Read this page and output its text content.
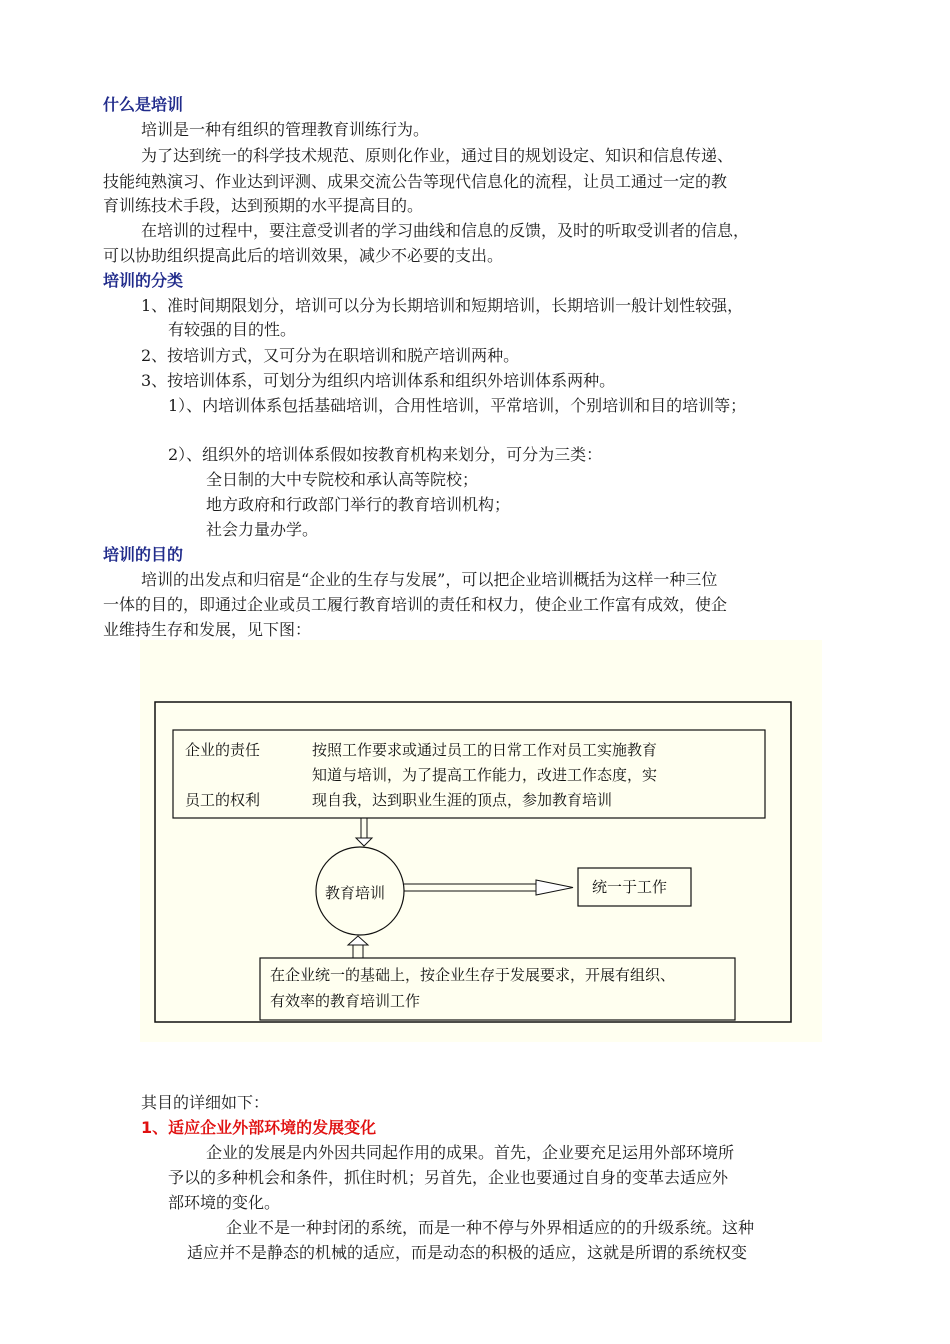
什么是培训
培训是一种有组织的管理教育训练行为。
为了达到统一的科学技术规范、原则化作业，通过目的规划设定、知识和信息传递、
技能纯熟演习、作业达到评测、成果交流公告等现代信息化的流程，让员工通过一定的教
育训练技术手段，达到预期的水平提高目的。
在培训的过程中，要注意受训者的学习曲线和信息的反馈，及时的听取受训者的信息，
可以协助组织提高此后的培训效果，减少不必要的支出。
培训的分类
1、准时间期限划分，培训可以分为长期培训和短期培训，长期培训一般计划性较强，
有较强的目的性。
2、按培训方式，又可分为在职培训和脱产培训两种。
3、按培训体系，可划分为组织内培训体系和组织外培训体系两种。
1）、内培训体系包括基础培训，合用性培训，平常培训，个别培训和目的培训等；
2）、组织外的培训体系假如按教育机构来划分，可分为三类：
全日制的大中专院校和承认高等院校；
地方政府和行政部门举行的教育培训机构；
社会力量办学。
培训的目的
培训的出发点和归宿是“企业的生存与发展”，可以把企业培训概括为这样一种三位
一体的目的，即通过企业或员工履行教育培训的责任和权力，使企业工作富有成效，使企
业维持生存和发展，见下图：
企业的责任
员工的权利
按照工作要求或通过员工的日常工作对员工实施教育
知道与培训，为了提高工作能力，改进工作态度，实
现自我，达到职业生涯的顶点，参加教育培训
教育培训	统一于工作
在企业统一的基础上，按企业生存于发展要求，开展有组织、
有效率的教育培训工作
其目的详细如下：
1、适应企业外部环境的发展变化
企业的发展是内外因共同起作用的成果。首先，企业要充足运用外部环境所
予以的多种机会和条件，抓住时机；另首先，企业也要通过自身的变革去适应外
部环境的变化。
企业不是一种封闭的系统，而是一种不停与外界相适应的的升级系统。这种
适应并不是静态的机械的适应，而是动态的积极的适应，这就是所谓的系统权变
